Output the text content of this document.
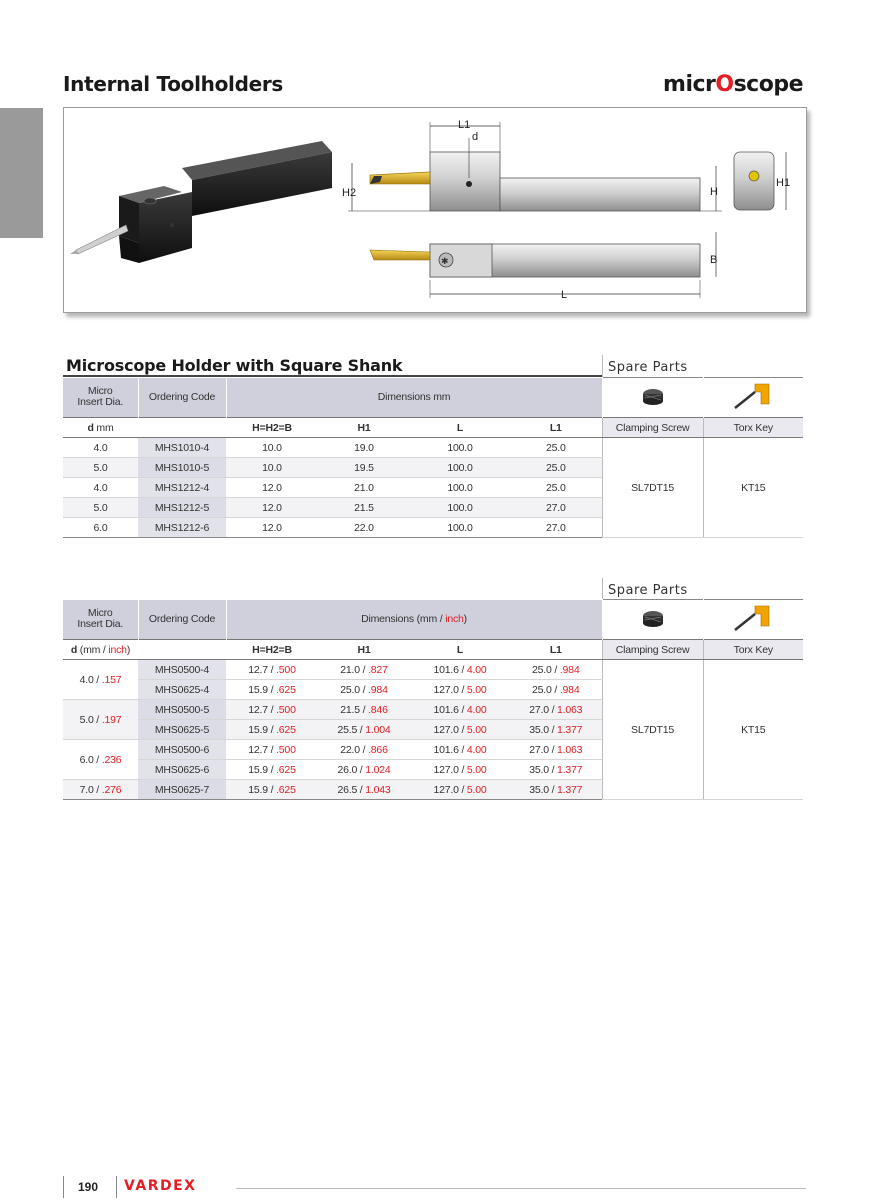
Thread Turning Toolholders
Internal Toolholders	micrOscope
L1
d
H2	H
H1
✱	B
L
Microscope Holder with Square Shank	Spare Parts
Micro
Insert Dia.	Ordering Code	Dimensions mm		
d mm		H=H2=B	H1	L	L1	Clamping Screw	Torx Key
4.0	MHS1010-4	10.0	19.0	100.0	25.0	SL7DT15	KT15
5.0	MHS1010-5	10.0	19.5	100.0	25.0		
4.0	MHS1212-4	12.0	21.0	100.0	25.0		
5.0	MHS1212-5	12.0	21.5	100.0	27.0		
6.0	MHS1212-6	12.0	22.0	100.0	27.0		
Spare Parts
Micro
Insert Dia.	Ordering Code	Dimensions (mm / inch)		
d (mm / inch)		H=H2=B	H1	L	L1	Clamping Screw	Torx Key
4.0 / .157	MHS0500-4	12.7 / .500	21.0 / .827	101.6 / 4.00	25.0 / .984	SL7DT15	KT15
	MHS0625-4	15.9 / .625	25.0 / .984	127.0 / 5.00	25.0 / .984		
5.0 / .197	MHS0500-5	12.7 / .500	21.5 / .846	101.6 / 4.00	27.0 / 1.063		
	MHS0625-5	15.9 / .625	25.5 / 1.004	127.0 / 5.00	35.0 / 1.377		
6.0 / .236	MHS0500-6	12.7 / .500	22.0 / .866	101.6 / 4.00	27.0 / 1.063		
	MHS0625-6	15.9 / .625	26.0 / 1.024	127.0 / 5.00	35.0 / 1.377		
7.0 / .276	MHS0625-7	15.9 / .625	26.5 / 1.043	127.0 / 5.00	35.0 / 1.377		
190 VARDEX
